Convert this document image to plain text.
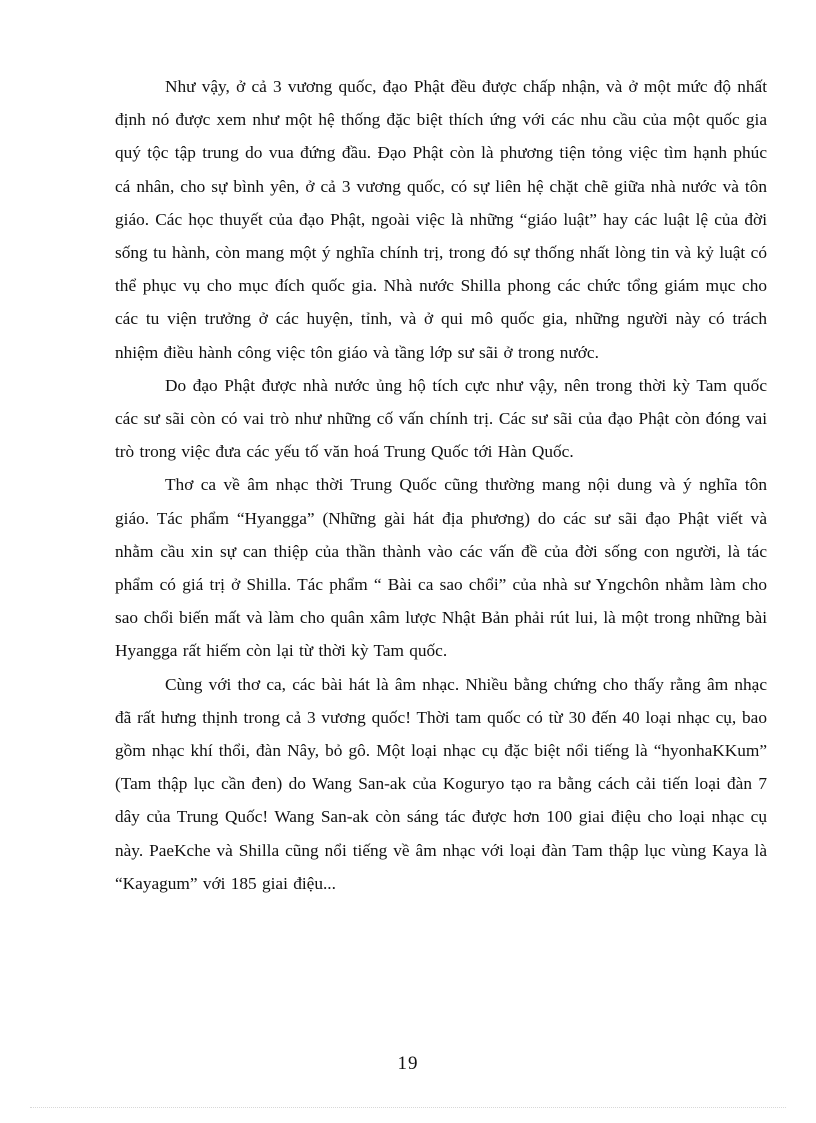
Như vậy, ở cả 3 vương quốc, đạo Phật đều được chấp nhận, và ở một mức độ nhất định nó được xem như một hệ thống đặc biệt thích ứng với các nhu cầu của một quốc gia quý tộc tập trung do vua đứng đầu. Đạo Phật còn là phương tiện tỏng việc tìm hạnh phúc cá nhân, cho sự bình yên, ở cả 3 vương quốc, có sự liên hệ chặt chẽ giữa nhà nước và tôn giáo. Các học thuyết của đạo Phật, ngoài việc là những “giáo luật” hay các luật lệ của đời sống tu hành, còn mang một ý nghĩa chính trị, trong đó sự thống nhất lòng tin và kỷ luật có thể phục vụ cho mục đích quốc gia. Nhà nước Shilla phong các chức tổng giám mục cho các tu viện trưởng ở các huyện, tỉnh, và ở qui mô quốc gia, những người này có trách nhiệm điều hành công việc tôn giáo và tầng lớp sư sãi ở trong nước.

Do đạo Phật được nhà nước ủng hộ tích cực như vậy, nên trong thời kỳ Tam quốc các sư sãi còn có vai trò như những cố vấn chính trị. Các sư sãi của đạo Phật còn đóng vai trò trong việc đưa các yếu tố văn hoá Trung Quốc tới Hàn Quốc.

Thơ ca về âm nhạc thời Trung Quốc cũng thường mang nội dung và ý nghĩa tôn giáo. Tác phẩm “Hyangga” (Những gài hát địa phương) do các sư sãi đạo Phật viết và nhằm cầu xin sự can thiệp của thần thành vào các vấn đề của đời sống con người, là tác phẩm có giá trị ở Shilla. Tác phẩm “ Bài ca sao chổi” của nhà sư Yngchôn nhằm làm cho sao chổi biến mất và làm cho quân xâm lược Nhật Bản phải rút lui, là một trong những bài Hyangga rất hiếm còn lại từ thời kỳ Tam quốc.

Cùng với thơ ca, các bài hát là âm nhạc. Nhiều bằng chứng cho thấy rằng âm nhạc đã rất hưng thịnh trong cả 3 vương quốc! Thời tam quốc có từ 30 đến 40 loại nhạc cụ, bao gồm nhạc khí thổi, đàn Nây, bỏ gô. Một loại nhạc cụ đặc biệt nổi tiếng là “hyonhaKKum” (Tam thập lục cần đen) do Wang San-ak của Koguryo tạo ra bằng cách cải tiến loại đàn 7 dây của Trung Quốc! Wang San-ak còn sáng tác được hơn 100 giai điệu cho loại nhạc cụ này. PaeKche và Shilla cũng nổi tiếng về âm nhạc với loại đàn Tam thập lục vùng Kaya là “Kayagum” với 185 giai điệu...

19
